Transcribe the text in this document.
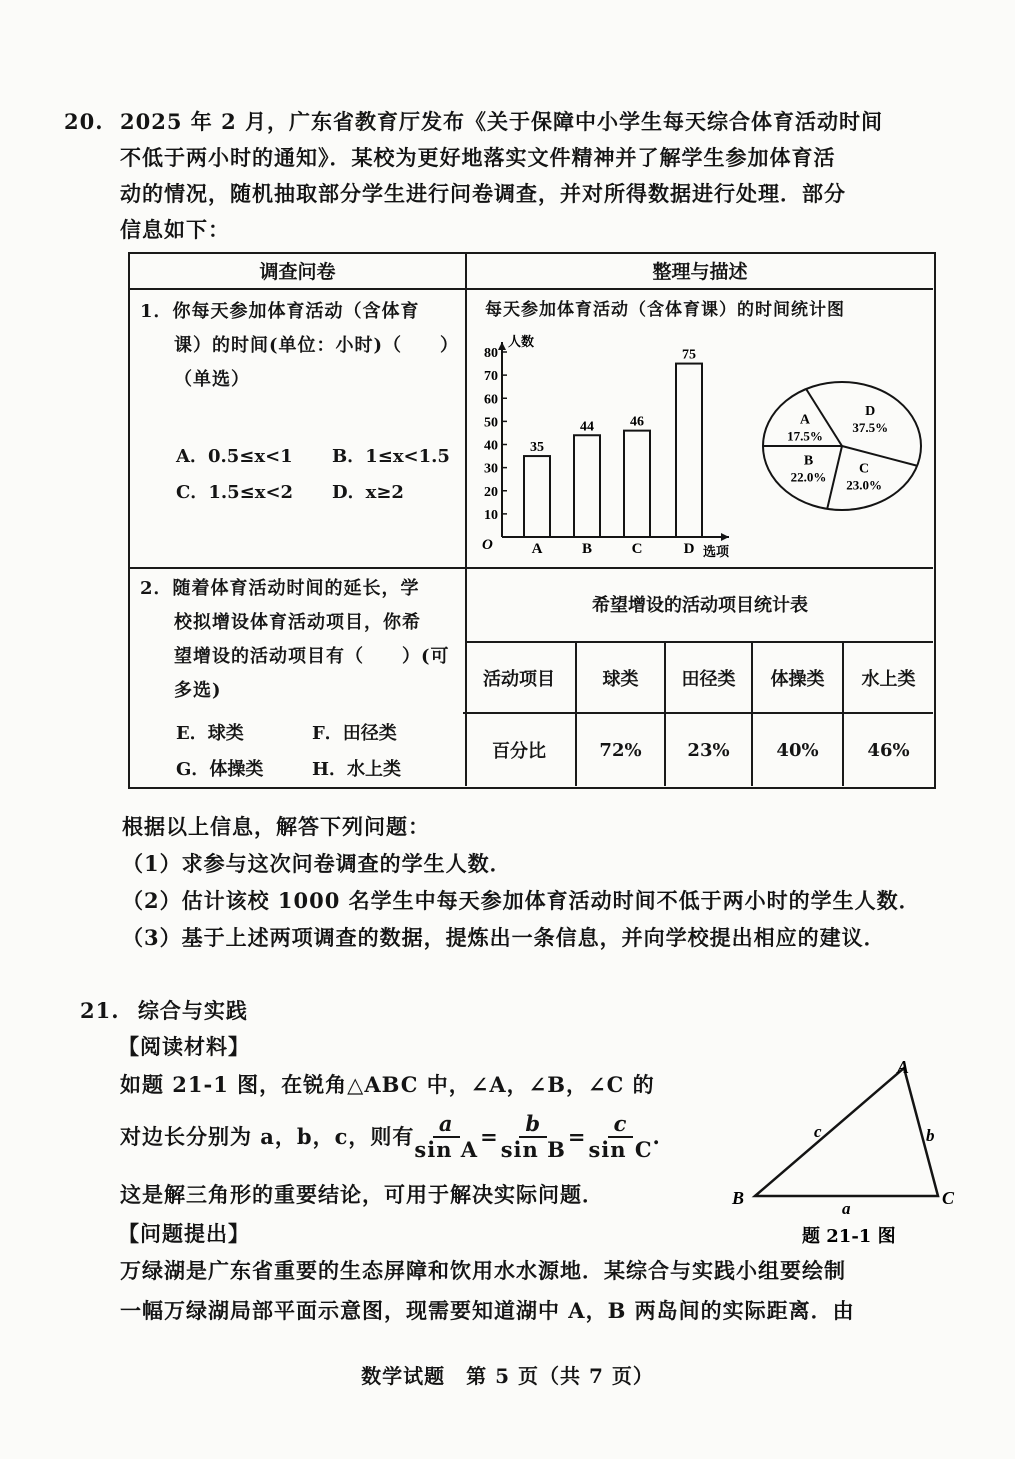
20. 2025 年 2 月，广东省教育厅发布《关于保障中小学生每天综合体育活动时间
不低于两小时的通知》．某校为更好地落实文件精神并了解学生参加体育活
动的情况，随机抽取部分学生进行问卷调查，并对所得数据进行处理．部分
信息如下：
调查问卷	整理与描述
1．你每天参加体育活动（含体育
课）的时间(单位：小时)（　　）
（单选）
A．0.5≤x<1 B．1≤x<1.5
C．1.5≤x<2 D．x≥2
每天参加体育活动（含体育课）的时间统计图
人数
选项
O
10
20
30
40
50
60
70
80
35
A
44
B
46
C
75
D
A
17.5%
D
37.5%
C
23.0%
B
22.0%
2．随着体育活动时间的延长，学
校拟增设体育活动项目，你希
望增设的活动项目有（　　）(可
多选)
E．球类	F．田径类
G．体操类	H．水上类
希望增设的活动项目统计表
活动项目	球类	田径类	体操类	水上类
百分比	72%	23%	40%	46%
根据以上信息，解答下列问题：
（1）求参与这次问卷调查的学生人数．
（2）估计该校 1000 名学生中每天参加体育活动时间不低于两小时的学生人数．
（3）基于上述两项调查的数据，提炼出一条信息，并向学校提出相应的建议．
21. 综合与实践
【阅读材料】
如题 21-1 图，在锐角△ABC 中，∠A，∠B，∠C 的
对边长分别为 a，b，c，则有 $\frac{a}{\text{sin A}} = \frac{b}{\text{sin B}} = \frac{c}{\text{sin C}}$ .
这是解三角形的重要结论，可用于解决实际问题．
【问题提出】
万绿湖是广东省重要的生态屏障和饮用水水源地．某综合与实践小组要绘制
一幅万绿湖局部平面示意图，现需要知道湖中 A，B 两岛间的实际距离．由
A
B	C
a
b
c
题 21-1 图
数学试题　第 5 页（共 7 页）
